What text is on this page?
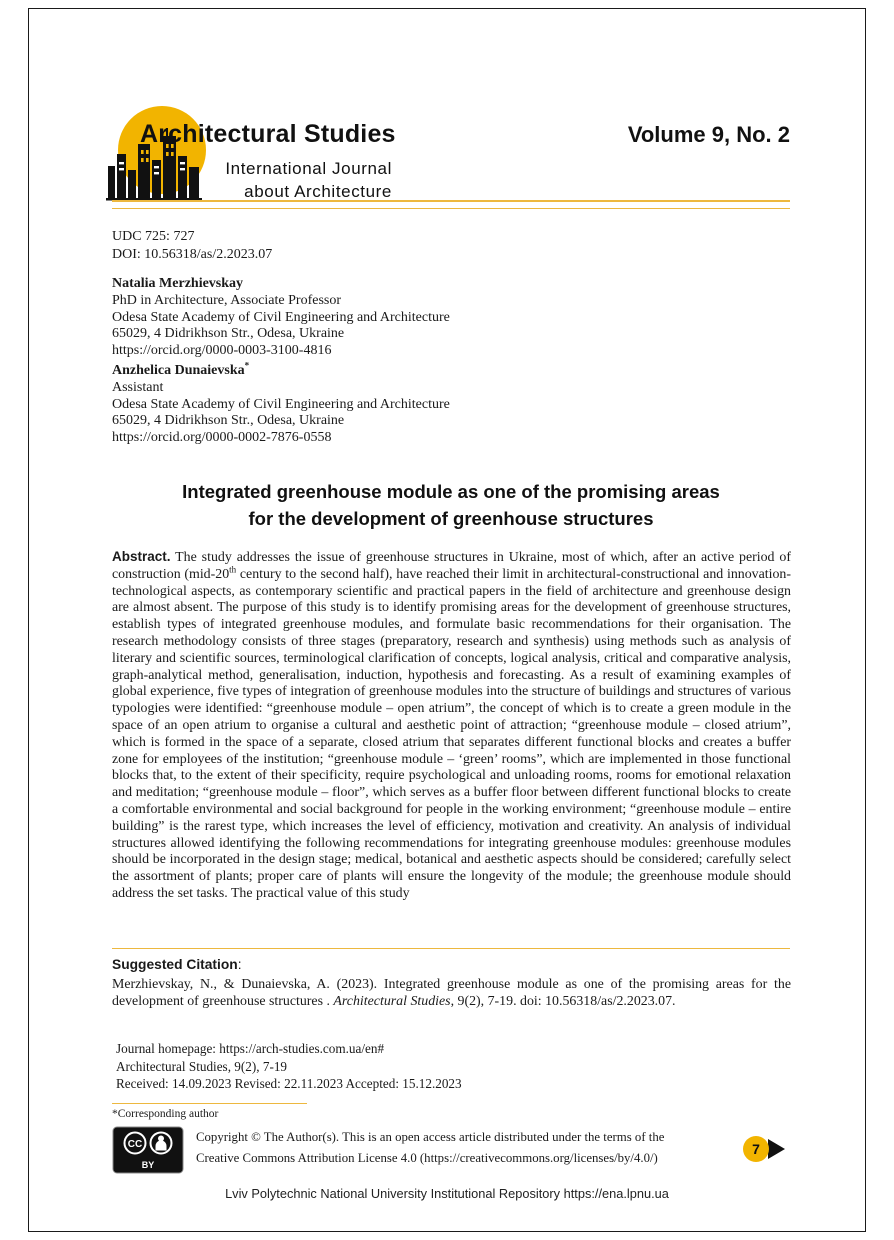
Architectural Studies
International Journal
about Architecture
Volume 9, No. 2
UDC 725: 727
DOI: 10.56318/as/2.2023.07
Natalia Merzhievskay
PhD in Architecture, Associate Professor
Odesa State Academy of Civil Engineering and Architecture
65029, 4 Didrikhson Str., Odesa, Ukraine
https://orcid.org/0000-0003-3100-4816
Anzhelica Dunaievska*
Assistant
Odesa State Academy of Civil Engineering and Architecture
65029, 4 Didrikhson Str., Odesa, Ukraine
https://orcid.org/0000-0002-7876-0558
Integrated greenhouse module as one of the promising areas
for the development of greenhouse structures

Abstract. The study addresses the issue of greenhouse structures in Ukraine, most of which, after an active period of construction (mid-20th century to the second half), have reached their limit in architectural-constructional and innovation-technological aspects, as contemporary scientific and practical papers in the field of architecture and greenhouse design are almost absent. The purpose of this study is to identify promising areas for the development of greenhouse structures, establish types of integrated greenhouse modules, and formulate basic recommendations for their organisation. The research methodology consists of three stages (preparatory, research and synthesis) using methods such as analysis of literary and scientific sources, terminological clarification of concepts, logical analysis, critical and comparative analysis, graph-analytical method, generalisation, induction, hypothesis and forecasting. As a result of examining examples of global experience, five types of integration of greenhouse modules into the structure of buildings and structures of various typologies were identified: “greenhouse module – open atrium”, the concept of which is to create a green module in the space of an open atrium to organise a cultural and aesthetic point of attraction; “greenhouse module – closed atrium”, which is formed in the space of a separate, closed atrium that separates different functional blocks and creates a buffer zone for employees of the institution; “greenhouse module – ‘green’ rooms”, which are implemented in those functional blocks that, to the extent of their specificity, require psychological and unloading rooms, rooms for emotional relaxation and meditation; “greenhouse module – floor”, which serves as a buffer floor between different functional blocks to create a comfortable environmental and social background for people in the working environment; “greenhouse module – entire building” is the rarest type, which increases the level of efficiency, motivation and creativity. An analysis of individual structures allowed identifying the following recommendations for integrating greenhouse modules: greenhouse modules should be incorporated in the design stage; medical, botanical and aesthetic aspects should be considered; carefully select the assortment of plants; proper care of plants will ensure the longevity of the module; the greenhouse module should address the set tasks. The practical value of this study

Suggested Citation:
Merzhievskay, N., & Dunaievska, A. (2023). Integrated greenhouse module as one of the promising areas for the development of greenhouse structures . Architectural Studies, 9(2), 7-19. doi: 10.56318/as/2.2023.07.
Journal homepage: https://arch-studies.com.ua/en#
Architectural Studies, 9(2), 7-19
Received: 14.09.2023 Revised: 22.11.2023 Accepted: 15.12.2023
*Corresponding author
CC
BY
Copyright © The Author(s). This is an open access article distributed under the terms of the
Creative Commons Attribution License 4.0 (https://creativecommons.org/licenses/by/4.0/)
7
Lviv Polytechnic National University Institutional Repository https://ena.lpnu.ua
